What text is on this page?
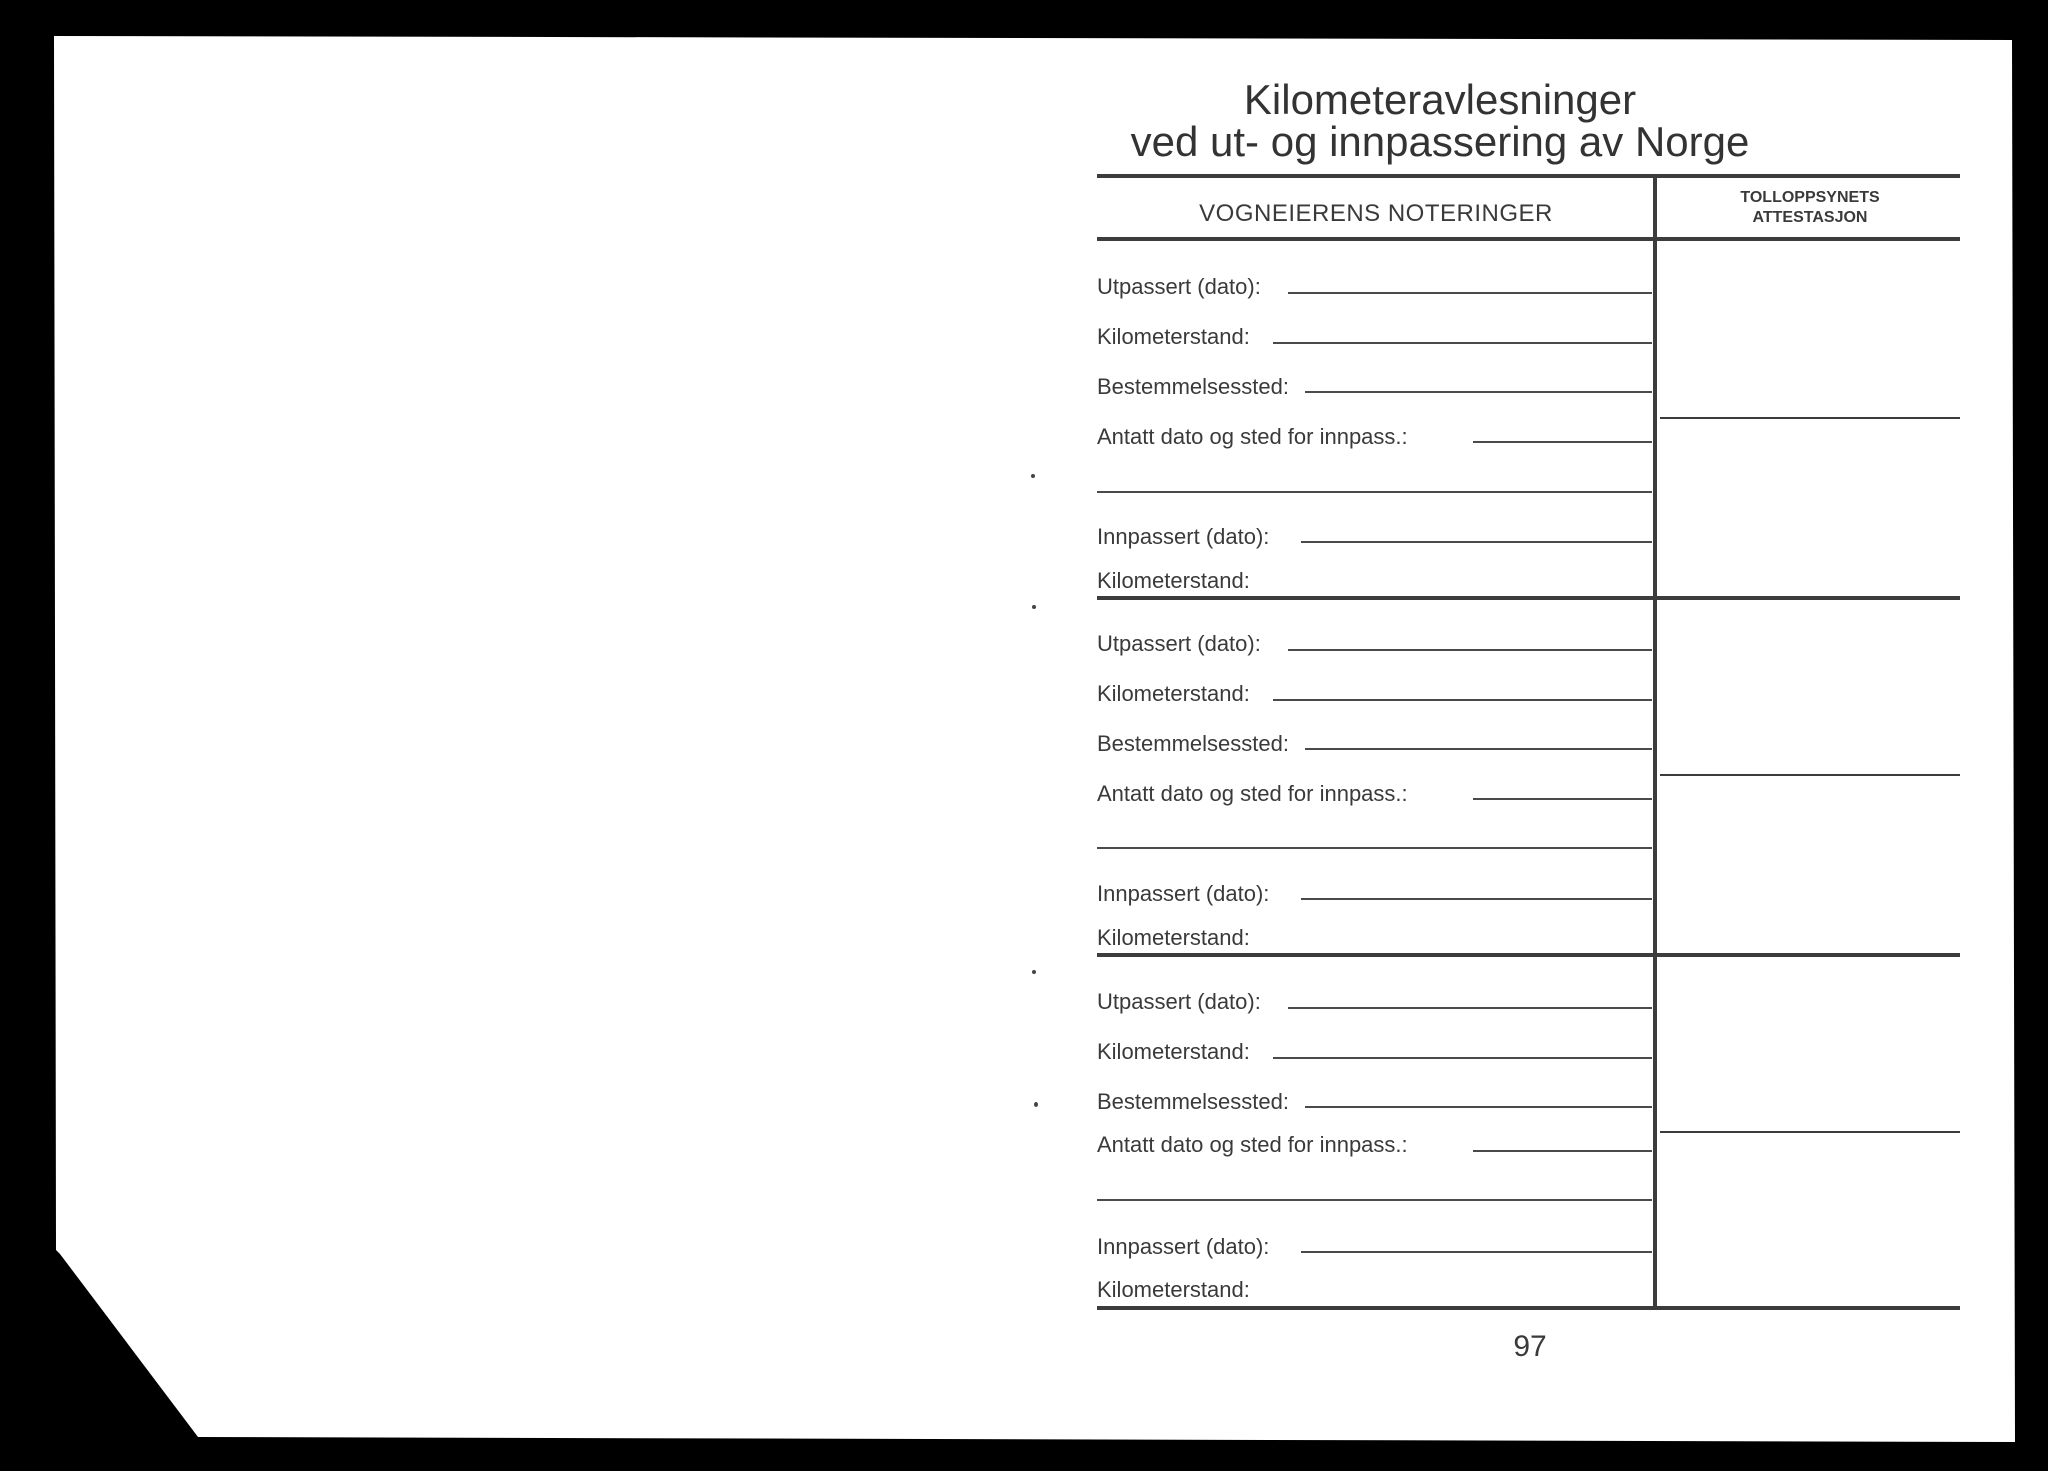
Kilometeravlesninger
ved ut- og innpassering av Norge
VOGNEIERENS NOTERINGER
TOLLOPPSYNETS
ATTESTASJON
Utpassert (dato):
Kilometerstand:
Bestemmelsessted:
Antatt dato og sted for innpass.:
Innpassert (dato):
Kilometerstand:
Utpassert (dato):
Kilometerstand:
Bestemmelsessted:
Antatt dato og sted for innpass.:
Innpassert (dato):
Kilometerstand:
Utpassert (dato):
Kilometerstand:
Bestemmelsessted:
Antatt dato og sted for innpass.:
Innpassert (dato):
Kilometerstand:
97
